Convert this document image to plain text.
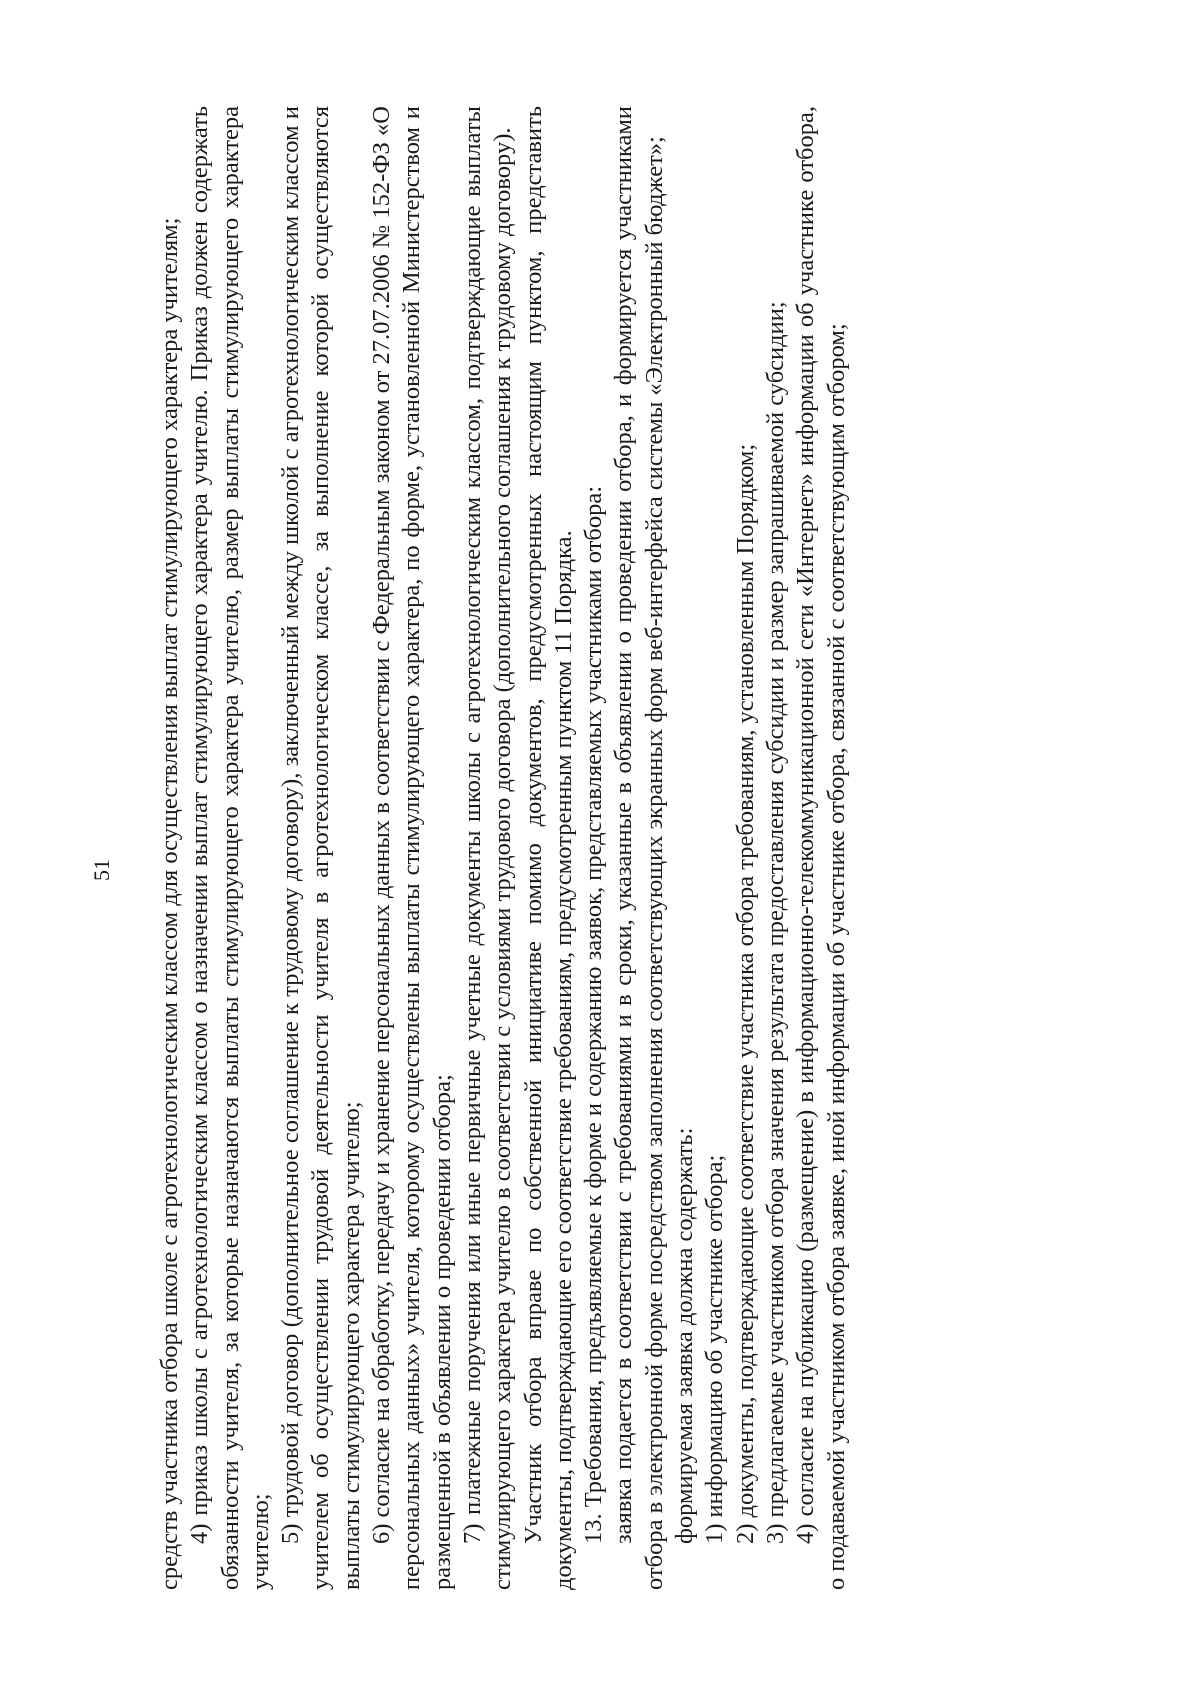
51 средств участника отбора школе с агротехнологическим классом для осуществления выплат стимулирующего характера учителям; 4) приказ школы с агротехнологическим классом о назначении выплат стимулирующего характера учителю. Приказ должен содержать обязанности учителя, за которые назначаются выплаты стимулирующего характера учителю, размер выплаты стимулирующего характера учителю; 5) трудовой договор (дополнительное соглашение к трудовому договору), заключенный между школой с агротехнологическим классом и учителем об осуществлении трудовой деятельности учителя в агротехнологическом классе, за выполнение которой осуществляются выплаты стимулирующего характера учителю; 6) согласие на обработку, передачу и хранение персональных данных в соответствии с Федеральным законом от 27.07.2006 № 152-ФЗ «О персональных данных» учителя, которому осуществлены выплаты стимулирующего характера, по форме, установленной Министерством и размещенной в объявлении о проведении отбора; 7) платежные поручения или иные первичные учетные документы школы с агротехнологическим классом, подтверждающие выплаты стимулирующего характера учителю в соответствии с условиями трудового договора (дополнительного соглашения к трудовому договору). Участник отбора вправе по собственной инициативе помимо документов, предусмотренных настоящим пунктом, представить документы, подтверждающие его соответствие требованиям, предусмотренным пунктом 11 Порядка. 13. Требования, предъявляемые к форме и содержанию заявок, представляемых участниками отбора: заявка подается в соответствии с требованиями и в сроки, указанные в объявлении о проведении отбора, и формируется участниками отбора в электронной форме посредством заполнения соответствующих экранных форм веб-интерфейса системы «Электронный бюджет»; формируемая заявка должна содержать: 1) информацию об участнике отбора; 2) документы, подтверждающие соответствие участника отбора требованиям, установленным Порядком; 3) предлагаемые участником отбора значения результата предоставления субсидии и размер запрашиваемой субсидии; 4) согласие на публикацию (размещение) в информационно-телекоммуникационной сети «Интернет» информации об участнике отбора, о подаваемой участником отбора заявке, иной информации об участнике отбора, связанной с соответствующим отбором;
